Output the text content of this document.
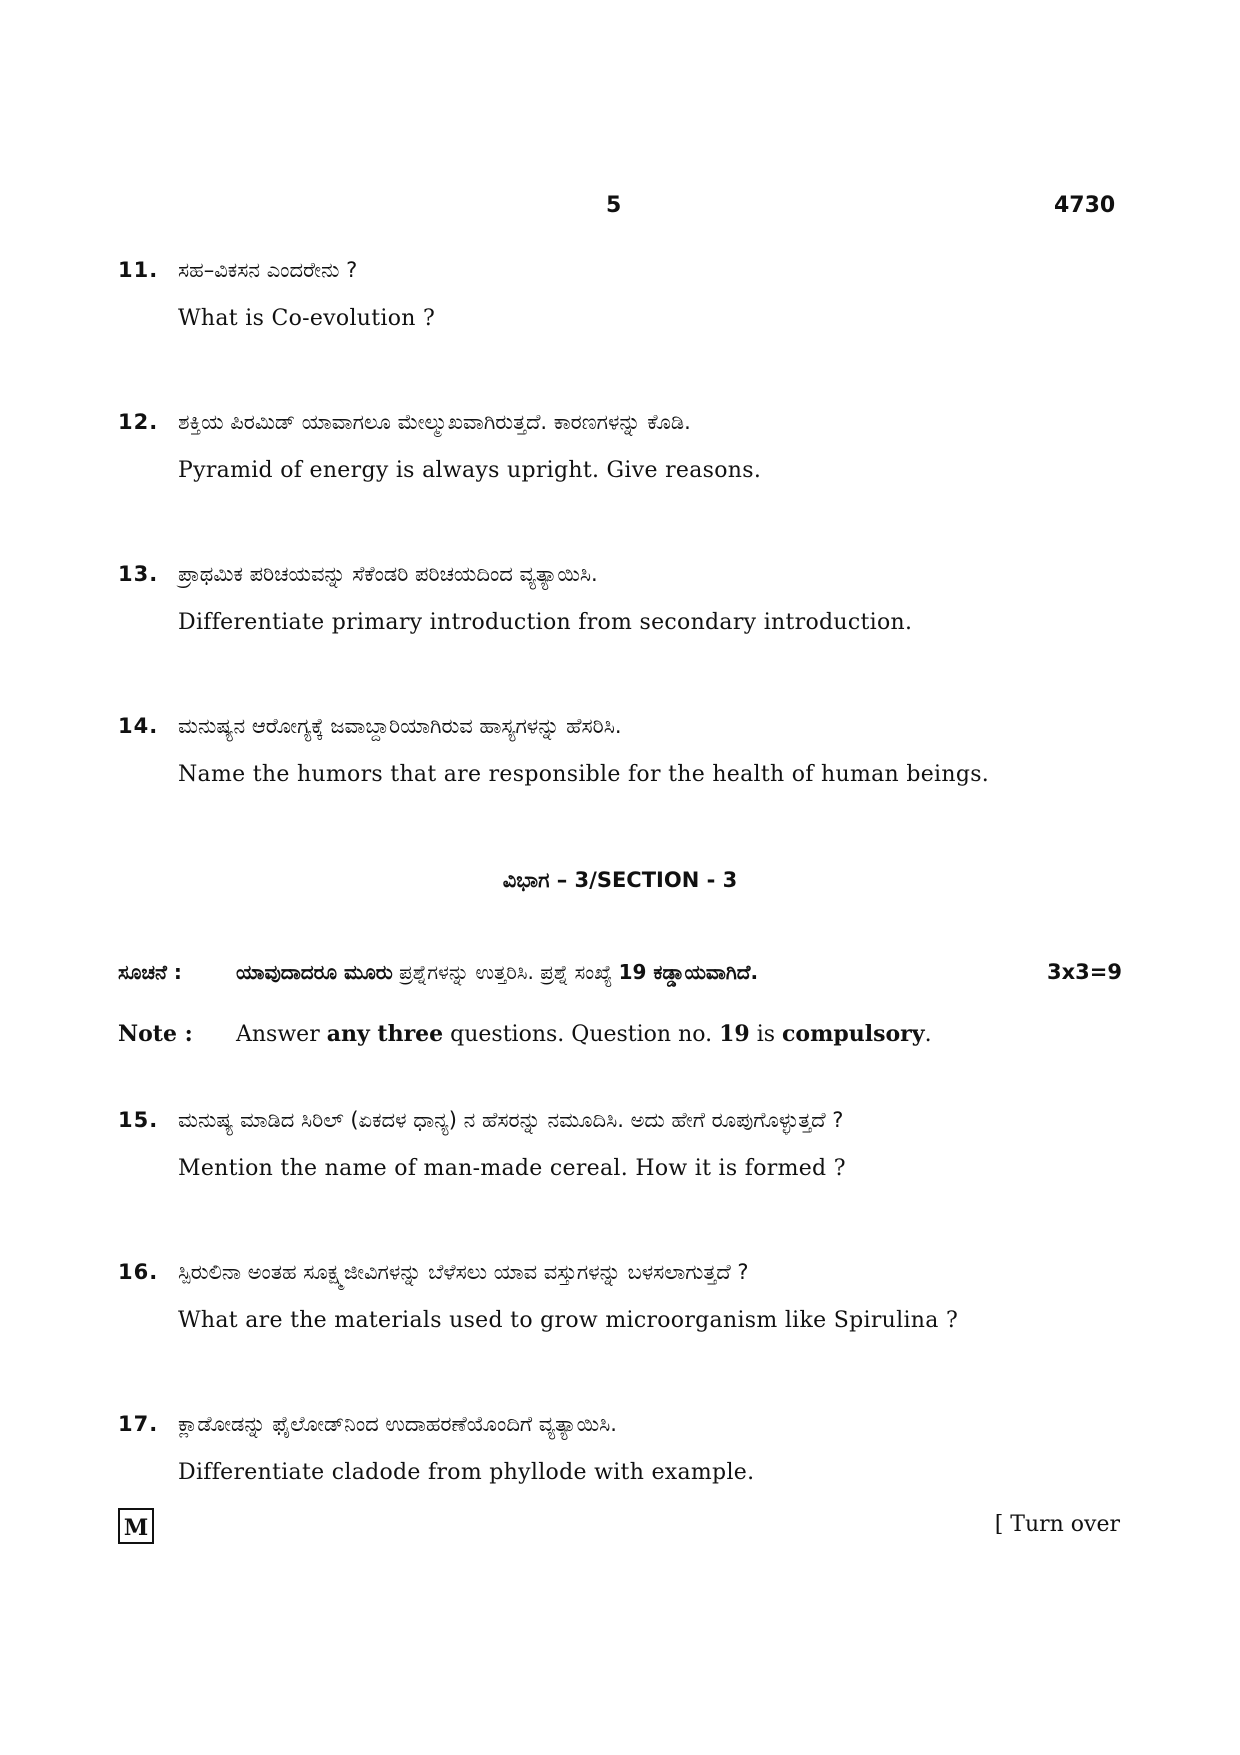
5	4730
11. ಸಹ–ವಿಕಸನ ಎಂದರೇನು ?
What is Co-evolution ?
12. ಶಕ್ತಿಯ ಪಿರಮಿಡ್ ಯಾವಾಗಲೂ ಮೇಲ್ಮುಖವಾಗಿರುತ್ತದೆ. ಕಾರಣಗಳನ್ನು ಕೊಡಿ.
Pyramid of energy is always upright. Give reasons.
13. ಪ್ರಾಥಮಿಕ ಪರಿಚಯವನ್ನು ಸೆಕೆಂಡರಿ ಪರಿಚಯದಿಂದ ವ್ಯತ್ಯಾಯಿಸಿ.
Differentiate primary introduction from secondary introduction.
14. ಮನುಷ್ಯನ ಆರೋಗ್ಯಕ್ಕೆ ಜವಾಬ್ದಾರಿಯಾಗಿರುವ ಹಾಸ್ಯಗಳನ್ನು ಹೆಸರಿಸಿ.
Name the humors that are responsible for the health of human beings.
ವಿಭಾಗ – 3/SECTION - 3
ಸೂಚನೆ :	ಯಾವುದಾದರೂ ಮೂರು ಪ್ರಶ್ನೆಗಳನ್ನು ಉತ್ತರಿಸಿ. ಪ್ರಶ್ನೆ ಸಂಖ್ಯೆ 19 ಕಡ್ಡಾಯವಾಗಿದೆ.	3x3=9
Note : Answer any three questions. Question no. 19 is compulsory.
15. ಮನುಷ್ಯ ಮಾಡಿದ ಸಿರಿಲ್ (ಏಕದಳ ಧಾನ್ಯ) ನ ಹೆಸರನ್ನು ನಮೂದಿಸಿ. ಅದು ಹೇಗೆ ರೂಪುಗೊಳ್ಳುತ್ತದೆ ?
Mention the name of man-made cereal. How it is formed ?
16. ಸ್ಪಿರುಲಿನಾ ಅಂತಹ ಸೂಕ್ಷ್ಮಜೀವಿಗಳನ್ನು ಬೆಳೆಸಲು ಯಾವ ವಸ್ತುಗಳನ್ನು ಬಳಸಲಾಗುತ್ತದೆ ?
What are the materials used to grow microorganism like Spirulina ?
17. ಕ್ಲಾಡೋಡನ್ನು ಫೈಲೋಡ್‌ನಿಂದ ಉದಾಹರಣೆಯೊಂದಿಗೆ ವ್ಯತ್ಯಾಯಿಸಿ.
Differentiate cladode from phyllode with example.
M	[ Turn over
